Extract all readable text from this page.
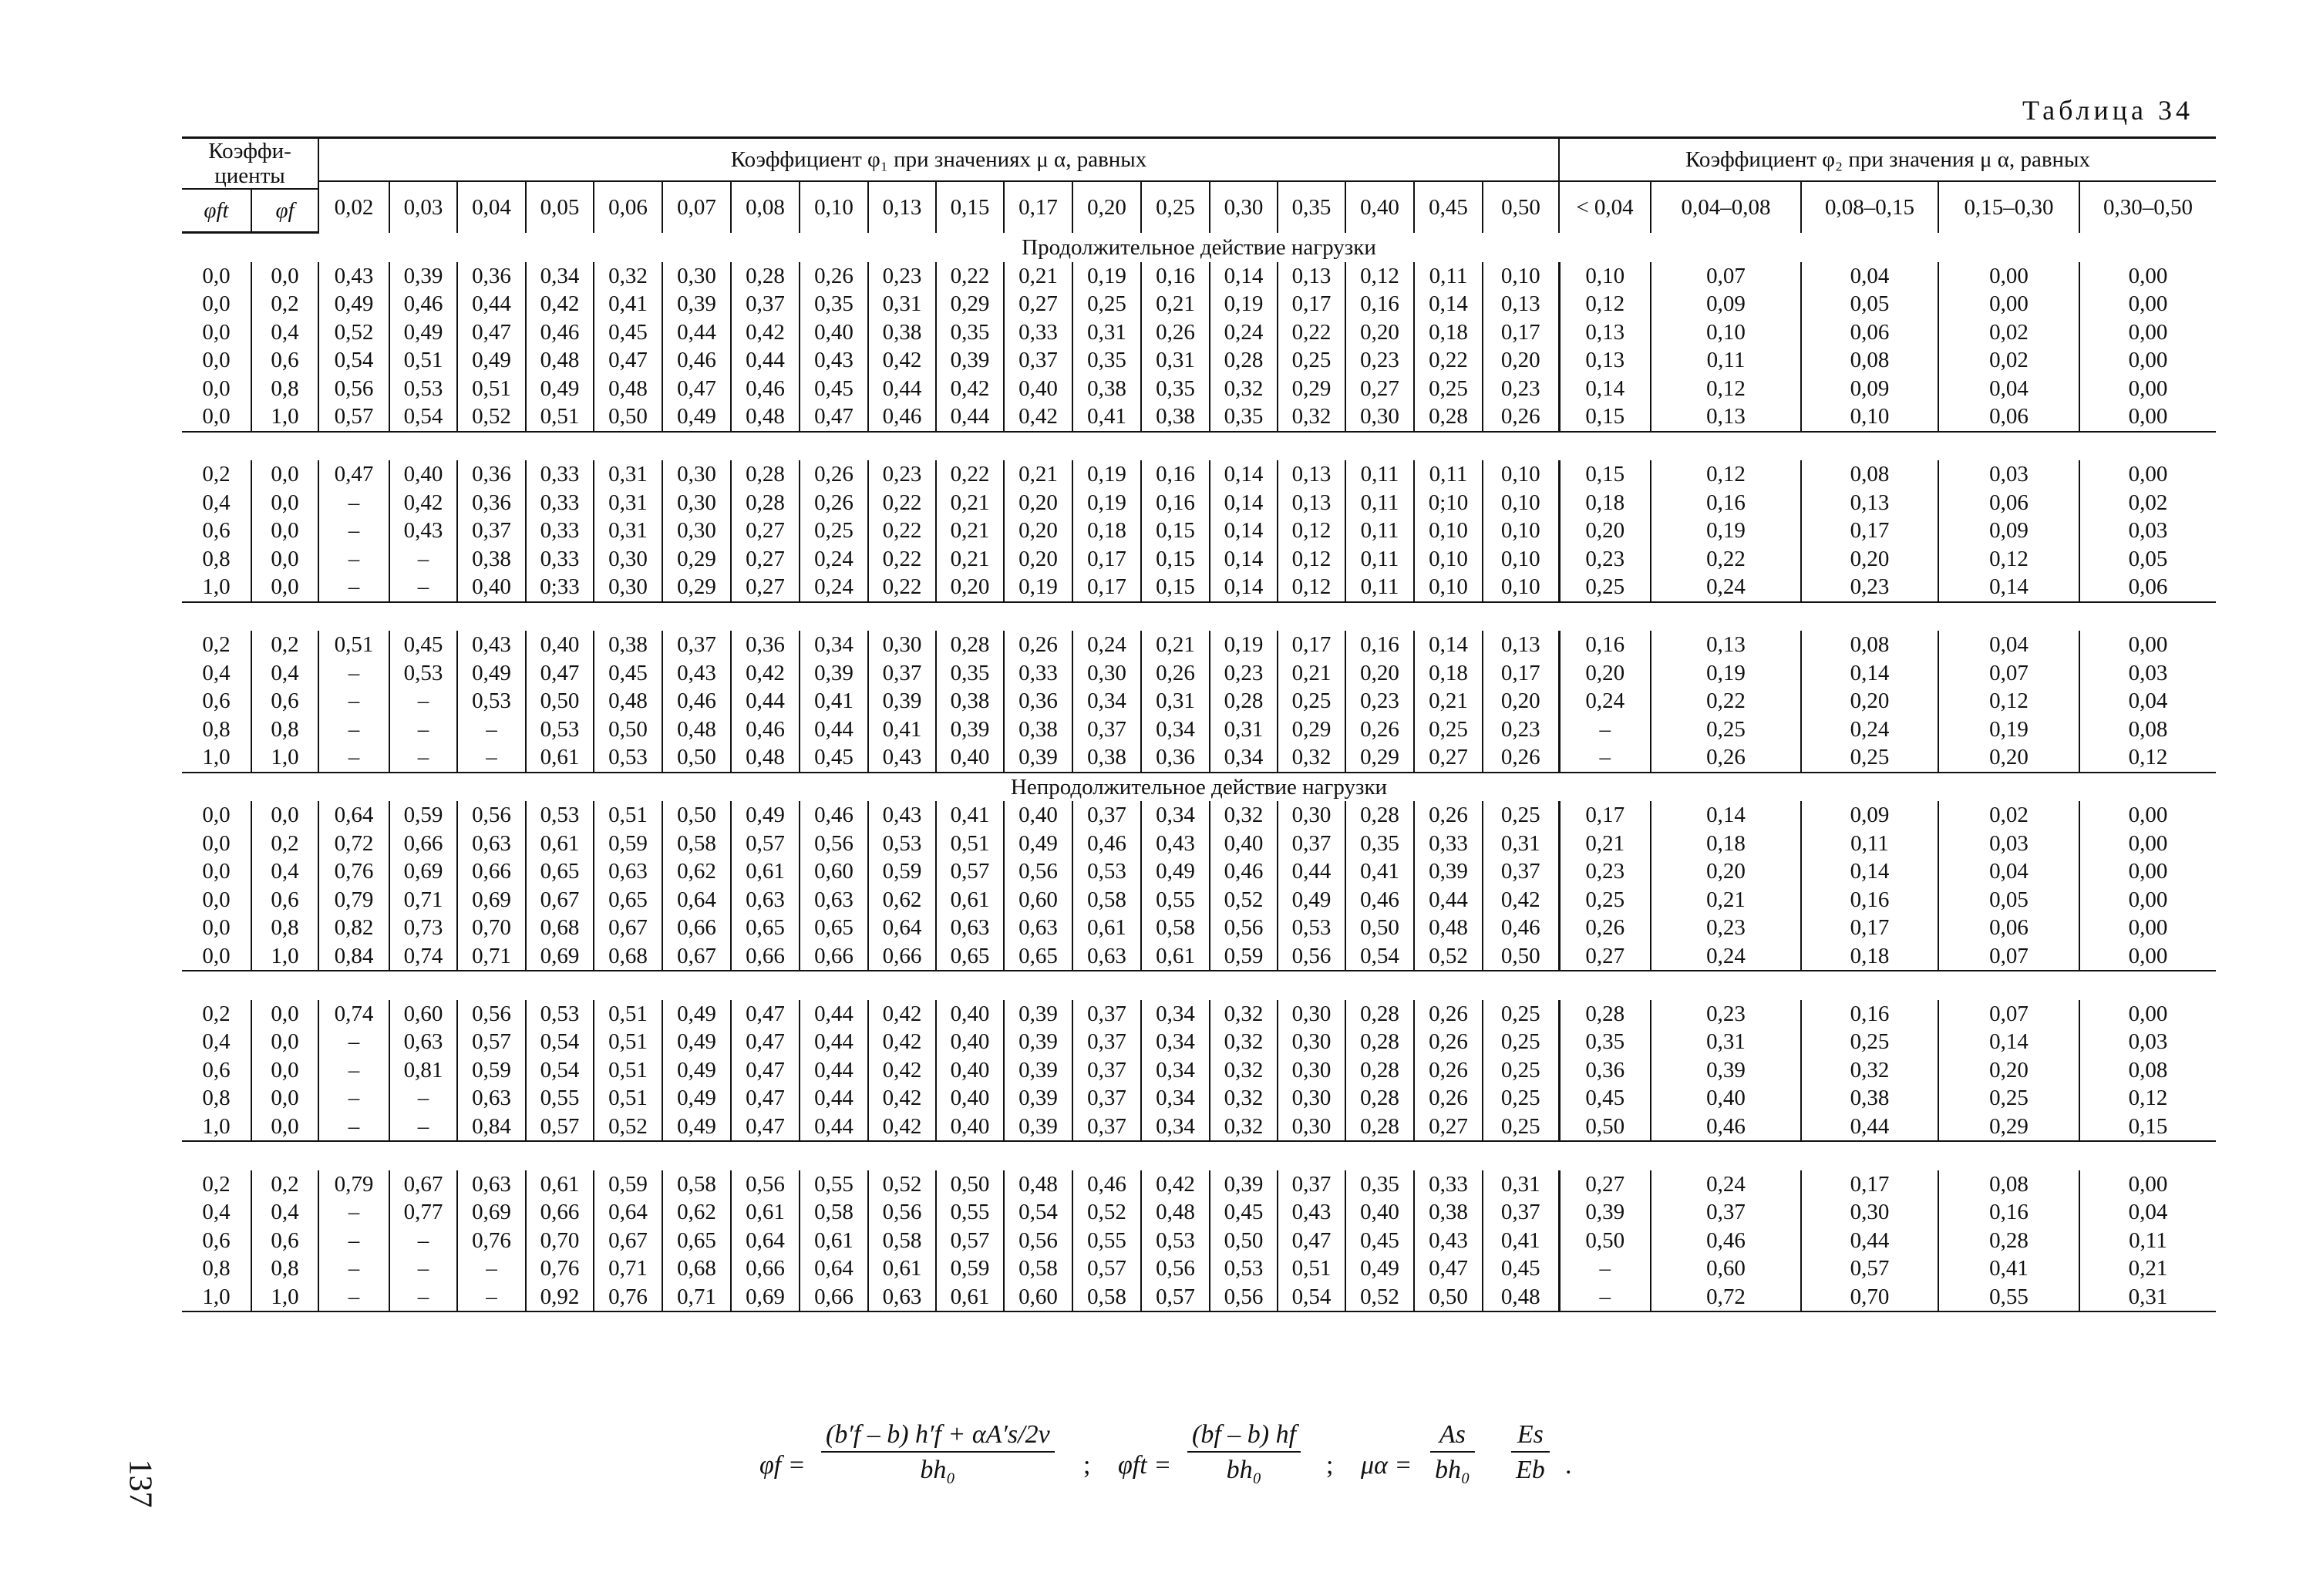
Таблица 34
Коэффи-
циенты		Коэффициент φ₁ при значениях μ α, равных																		Коэффициент φ₂ при значения μ α, равных				
		0,02	0,03	0,04	0,05	0,06	0,07	0,08	0,10	0,13	0,15	0,17	0,20	0,25	0,30	0,35	0,40	0,45	0,50	< 0,04	0,04–0,08	0,08–0,15	0,15–0,30	0,30–0,50
φft	φf																							
Продолжительное действие нагрузки																								
0,0	0,0	0,43	0,39	0,36	0,34	0,32	0,30	0,28	0,26	0,23	0,22	0,21	0,19	0,16	0,14	0,13	0,12	0,11	0,10	0,10	0,07	0,04	0,00	0,00
0,0	0,2	0,49	0,46	0,44	0,42	0,41	0,39	0,37	0,35	0,31	0,29	0,27	0,25	0,21	0,19	0,17	0,16	0,14	0,13	0,12	0,09	0,05	0,00	0,00
0,0	0,4	0,52	0,49	0,47	0,46	0,45	0,44	0,42	0,40	0,38	0,35	0,33	0,31	0,26	0,24	0,22	0,20	0,18	0,17	0,13	0,10	0,06	0,02	0,00
0,0	0,6	0,54	0,51	0,49	0,48	0,47	0,46	0,44	0,43	0,42	0,39	0,37	0,35	0,31	0,28	0,25	0,23	0,22	0,20	0,13	0,11	0,08	0,02	0,00
0,0	0,8	0,56	0,53	0,51	0,49	0,48	0,47	0,46	0,45	0,44	0,42	0,40	0,38	0,35	0,32	0,29	0,27	0,25	0,23	0,14	0,12	0,09	0,04	0,00
0,0	1,0	0,57	0,54	0,52	0,51	0,50	0,49	0,48	0,47	0,46	0,44	0,42	0,41	0,38	0,35	0,32	0,30	0,28	0,26	0,15	0,13	0,10	0,06	0,00

0,2	0,0	0,47	0,40	0,36	0,33	0,31	0,30	0,28	0,26	0,23	0,22	0,21	0,19	0,16	0,14	0,13	0,11	0,11	0,10	0,15	0,12	0,08	0,03	0,00
0,4	0,0	–	0,42	0,36	0,33	0,31	0,30	0,28	0,26	0,22	0,21	0,20	0,19	0,16	0,14	0,13	0,11	0;10	0,10	0,18	0,16	0,13	0,06	0,02
0,6	0,0	–	0,43	0,37	0,33	0,31	0,30	0,27	0,25	0,22	0,21	0,20	0,18	0,15	0,14	0,12	0,11	0,10	0,10	0,20	0,19	0,17	0,09	0,03
0,8	0,0	–	–	0,38	0,33	0,30	0,29	0,27	0,24	0,22	0,21	0,20	0,17	0,15	0,14	0,12	0,11	0,10	0,10	0,23	0,22	0,20	0,12	0,05
1,0	0,0	–	–	0,40	0;33	0,30	0,29	0,27	0,24	0,22	0,20	0,19	0,17	0,15	0,14	0,12	0,11	0,10	0,10	0,25	0,24	0,23	0,14	0,06

0,2	0,2	0,51	0,45	0,43	0,40	0,38	0,37	0,36	0,34	0,30	0,28	0,26	0,24	0,21	0,19	0,17	0,16	0,14	0,13	0,16	0,13	0,08	0,04	0,00
0,4	0,4	–	0,53	0,49	0,47	0,45	0,43	0,42	0,39	0,37	0,35	0,33	0,30	0,26	0,23	0,21	0,20	0,18	0,17	0,20	0,19	0,14	0,07	0,03
0,6	0,6	–	–	0,53	0,50	0,48	0,46	0,44	0,41	0,39	0,38	0,36	0,34	0,31	0,28	0,25	0,23	0,21	0,20	0,24	0,22	0,20	0,12	0,04
0,8	0,8	–	–	–	0,53	0,50	0,48	0,46	0,44	0,41	0,39	0,38	0,37	0,34	0,31	0,29	0,26	0,25	0,23	–	0,25	0,24	0,19	0,08
1,0	1,0	–	–	–	0,61	0,53	0,50	0,48	0,45	0,43	0,40	0,39	0,38	0,36	0,34	0,32	0,29	0,27	0,26	–	0,26	0,25	0,20	0,12
Непродолжительное действие нагрузки																								
0,0	0,0	0,64	0,59	0,56	0,53	0,51	0,50	0,49	0,46	0,43	0,41	0,40	0,37	0,34	0,32	0,30	0,28	0,26	0,25	0,17	0,14	0,09	0,02	0,00
0,0	0,2	0,72	0,66	0,63	0,61	0,59	0,58	0,57	0,56	0,53	0,51	0,49	0,46	0,43	0,40	0,37	0,35	0,33	0,31	0,21	0,18	0,11	0,03	0,00
0,0	0,4	0,76	0,69	0,66	0,65	0,63	0,62	0,61	0,60	0,59	0,57	0,56	0,53	0,49	0,46	0,44	0,41	0,39	0,37	0,23	0,20	0,14	0,04	0,00
0,0	0,6	0,79	0,71	0,69	0,67	0,65	0,64	0,63	0,63	0,62	0,61	0,60	0,58	0,55	0,52	0,49	0,46	0,44	0,42	0,25	0,21	0,16	0,05	0,00
0,0	0,8	0,82	0,73	0,70	0,68	0,67	0,66	0,65	0,65	0,64	0,63	0,63	0,61	0,58	0,56	0,53	0,50	0,48	0,46	0,26	0,23	0,17	0,06	0,00
0,0	1,0	0,84	0,74	0,71	0,69	0,68	0,67	0,66	0,66	0,66	0,65	0,65	0,63	0,61	0,59	0,56	0,54	0,52	0,50	0,27	0,24	0,18	0,07	0,00

0,2	0,0	0,74	0,60	0,56	0,53	0,51	0,49	0,47	0,44	0,42	0,40	0,39	0,37	0,34	0,32	0,30	0,28	0,26	0,25	0,28	0,23	0,16	0,07	0,00
0,4	0,0	–	0,63	0,57	0,54	0,51	0,49	0,47	0,44	0,42	0,40	0,39	0,37	0,34	0,32	0,30	0,28	0,26	0,25	0,35	0,31	0,25	0,14	0,03
0,6	0,0	–	0,81	0,59	0,54	0,51	0,49	0,47	0,44	0,42	0,40	0,39	0,37	0,34	0,32	0,30	0,28	0,26	0,25	0,36	0,39	0,32	0,20	0,08
0,8	0,0	–	–	0,63	0,55	0,51	0,49	0,47	0,44	0,42	0,40	0,39	0,37	0,34	0,32	0,30	0,28	0,26	0,25	0,45	0,40	0,38	0,25	0,12
1,0	0,0	–	–	0,84	0,57	0,52	0,49	0,47	0,44	0,42	0,40	0,39	0,37	0,34	0,32	0,30	0,28	0,27	0,25	0,50	0,46	0,44	0,29	0,15

0,2	0,2	0,79	0,67	0,63	0,61	0,59	0,58	0,56	0,55	0,52	0,50	0,48	0,46	0,42	0,39	0,37	0,35	0,33	0,31	0,27	0,24	0,17	0,08	0,00
0,4	0,4	–	0,77	0,69	0,66	0,64	0,62	0,61	0,58	0,56	0,55	0,54	0,52	0,48	0,45	0,43	0,40	0,38	0,37	0,39	0,37	0,30	0,16	0,04
0,6	0,6	–	–	0,76	0,70	0,67	0,65	0,64	0,61	0,58	0,57	0,56	0,55	0,53	0,50	0,47	0,45	0,43	0,41	0,50	0,46	0,44	0,28	0,11
0,8	0,8	–	–	–	0,76	0,71	0,68	0,66	0,64	0,61	0,59	0,58	0,57	0,56	0,53	0,51	0,49	0,47	0,45	–	0,60	0,57	0,41	0,21
1,0	1,0	–	–	–	0,92	0,76	0,71	0,69	0,66	0,63	0,61	0,60	0,58	0,57	0,56	0,54	0,52	0,50	0,48	–	0,72	0,70	0,55	0,31
$\varphi f = \frac{(b'f - b) h'f + \alpha A's/2\nu}{\text{bh₀}}$ ; $\varphi ft = \frac{(bf - b) hf}{\text{bh₀}}$ ; $\mu\alpha = \frac{As}{\text{bh₀}} \frac{Es}{Eb}$ .
137
